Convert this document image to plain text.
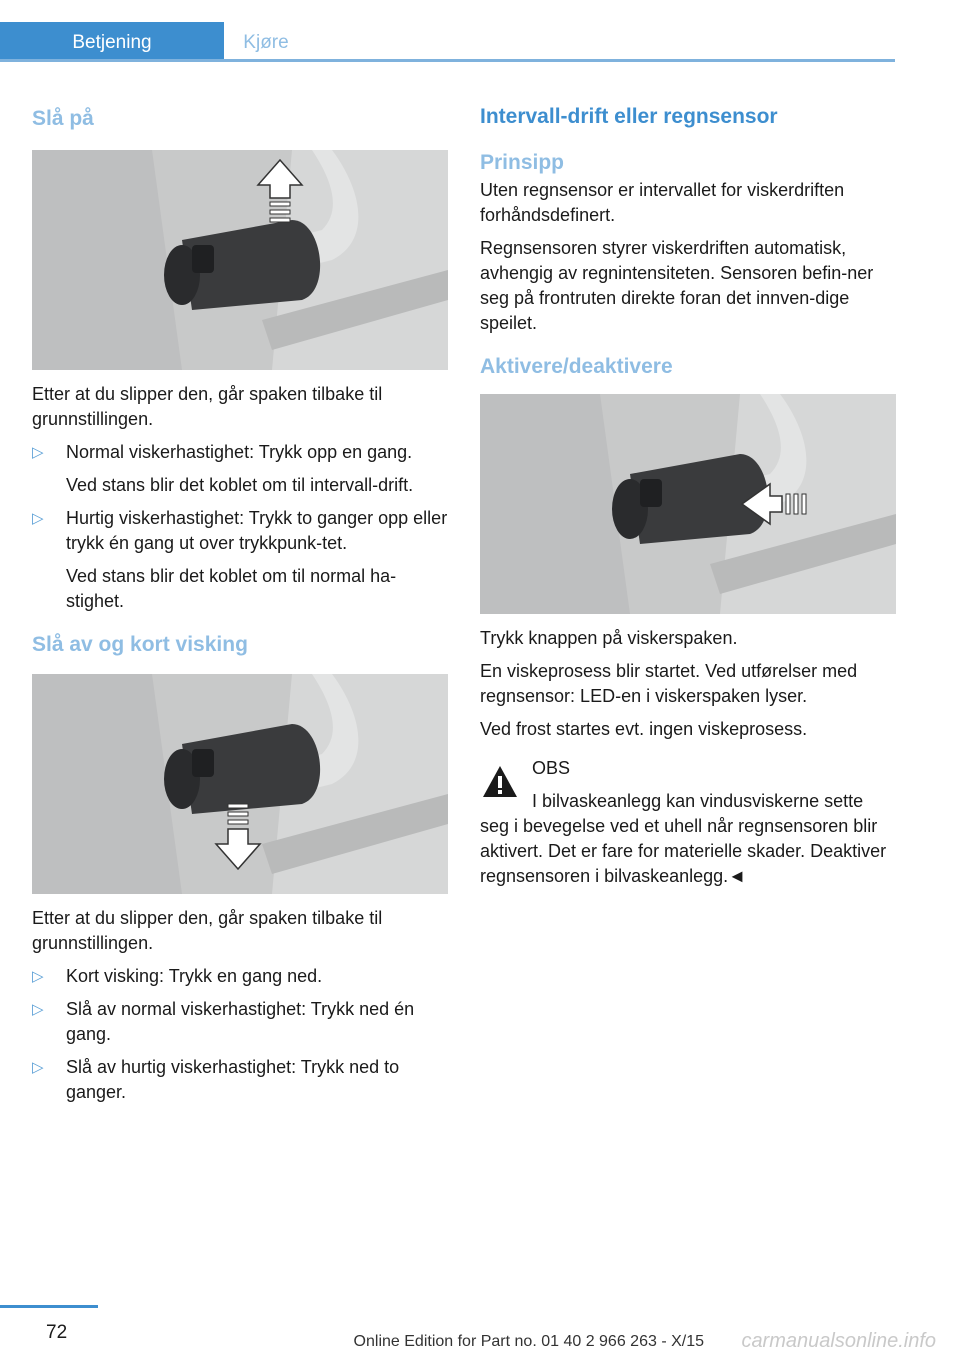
Betjening	Kjøre
Slå på

Etter at du slipper den, går spaken tilbake til grunnstillingen.

▷ Normal viskerhastighet: Trykk opp en gang.
Ved stans blir det koblet om til intervall-drift.
▷ Hurtig viskerhastighet: Trykk to ganger opp eller trykk én gang ut over trykkpunk-tet.
Ved stans blir det koblet om til normal ha-stighet.
Slå av og kort visking

Etter at du slipper den, går spaken tilbake til grunnstillingen.

▷ Kort visking: Trykk en gang ned.
▷ Slå av normal viskerhastighet: Trykk ned én gang.
▷ Slå av hurtig viskerhastighet: Trykk ned to ganger.
Intervall-drift eller regnsensor
Prinsipp

Uten regnsensor er intervallet for viskerdriften forhåndsdefinert.

Regnsensoren styrer viskerdriften automatisk, avhengig av regnintensiteten. Sensoren befin-ner seg på frontruten direkte foran det innven-dige speilet.

Aktivere/deaktivere

Trykk knappen på viskerspaken.

En viskeprosess blir startet. Ved utførelser med regnsensor: LED-en i viskerspaken lyser.

Ved frost startes evt. ingen viskeprosess.

OBS

I bilvaskeanlegg kan vindusviskerne sette seg i bevegelse ved et uhell når regnsensoren blir aktivert. Det er fare for materielle skader. Deaktiver regnsensoren i bilvaskeanlegg.◄

72	Online Edition for Part no. 01 40 2 966 263 - X/15 carmanualsonline.info
